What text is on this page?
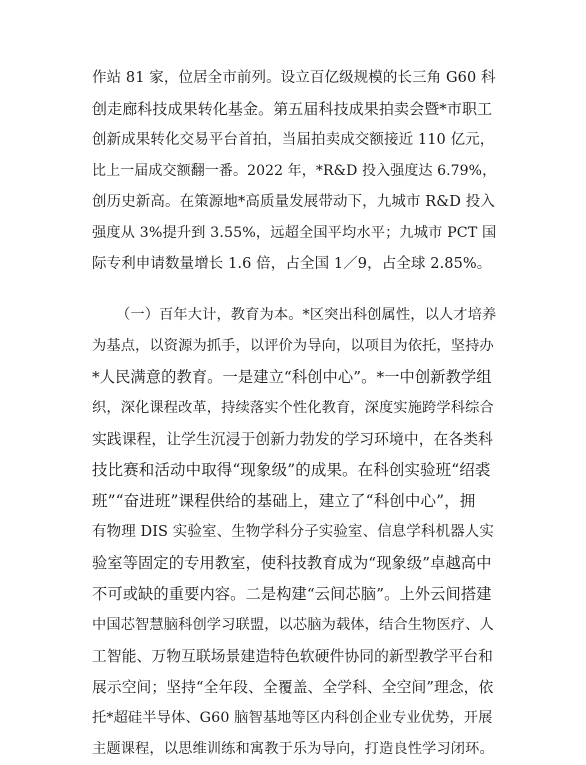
作站 81 家，位居全市前列。设立百亿级规模的长三角 G60 科
创走廊科技成果转化基金。第五届科技成果拍卖会暨*市职工
创新成果转化交易平台首拍，当届拍卖成交额接近 110 亿元，
比上一届成交额翻一番。2022 年，*R&D 投入强度达 6.79%，
创历史新高。在策源地*高质量发展带动下，九城市 R&D 投入
强度从 3%提升到 3.55%，远超全国平均水平；九城市 PCT 国
际专利申请数量增长 1.6 倍，占全国 1／9，占全球 2.85%。
（一）百年大计，教育为本。*区突出科创属性，以人才培养
为基点，以资源为抓手，以评价为导向，以项目为依托，坚持办
*人民满意的教育。一是建立“科创中心”。*一中创新教学组
织，深化课程改革，持续落实个性化教育，深度实施跨学科综合
实践课程，让学生沉浸于创新力勃发的学习环境中，在各类科
技比赛和活动中取得“现象级”的成果。在科创实验班“绍裘
班”“奋进班”课程供给的基础上，建立了“科创中心”，拥
有物理 DIS 实验室、生物学科分子实验室、信息学科机器人实
验室等固定的专用教室，使科技教育成为“现象级”卓越高中
不可或缺的重要内容。二是构建“云间芯脑”。上外云间搭建
中国芯智慧脑科创学习联盟，以芯脑为载体，结合生物医疗、人
工智能、万物互联场景建造特色软硬件协同的新型教学平台和
展示空间；坚持“全年段、全覆盖、全学科、全空间”理念，依
托*超硅半导体、G60 脑智基地等区内科创企业专业优势，开展
主题课程，以思维训练和寓教于乐为导向，打造良性学习闭环。
